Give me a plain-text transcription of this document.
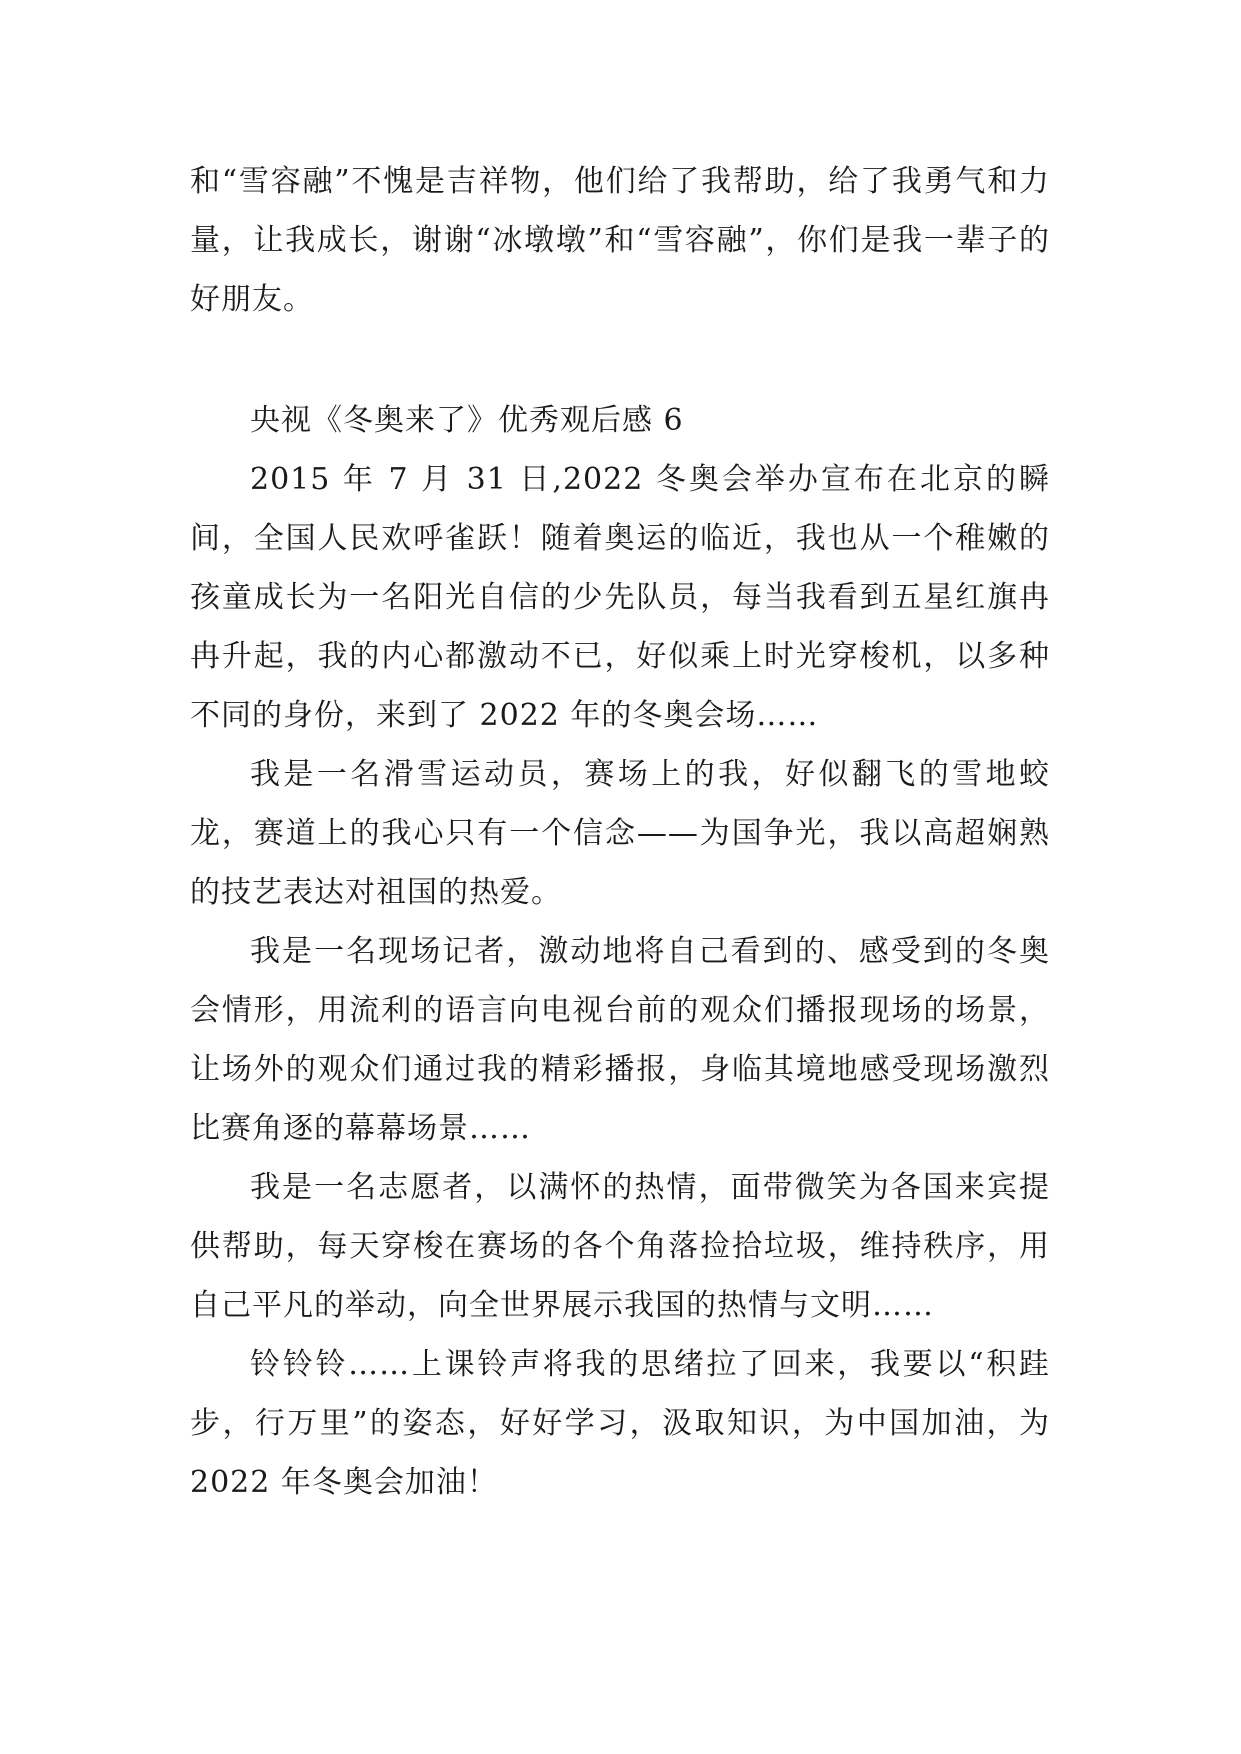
和“雪容融”不愧是吉祥物，他们给了我帮助，给了我勇气和力量，让我成长，谢谢“冰墩墩”和“雪容融”，你们是我一辈子的好朋友。

央视《冬奥来了》优秀观后感 6

2015 年 7 月 31 日,2022 冬奥会举办宣布在北京的瞬间，全国人民欢呼雀跃！随着奥运的临近，我也从一个稚嫩的孩童成长为一名阳光自信的少先队员，每当我看到五星红旗冉冉升起，我的内心都激动不已，好似乘上时光穿梭机，以多种不同的身份，来到了 2022 年的冬奥会场……

我是一名滑雪运动员，赛场上的我，好似翻飞的雪地蛟龙，赛道上的我心只有一个信念——为国争光，我以高超娴熟的技艺表达对祖国的热爱。

我是一名现场记者，激动地将自己看到的、感受到的冬奥会情形，用流利的语言向电视台前的观众们播报现场的场景，让场外的观众们通过我的精彩播报，身临其境地感受现场激烈比赛角逐的幕幕场景……

我是一名志愿者，以满怀的热情，面带微笑为各国来宾提供帮助，每天穿梭在赛场的各个角落捡拾垃圾，维持秩序，用自己平凡的举动，向全世界展示我国的热情与文明……

铃铃铃……上课铃声将我的思绪拉了回来，我要以“积跬步，行万里”的姿态，好好学习，汲取知识，为中国加油，为 2022 年冬奥会加油！
